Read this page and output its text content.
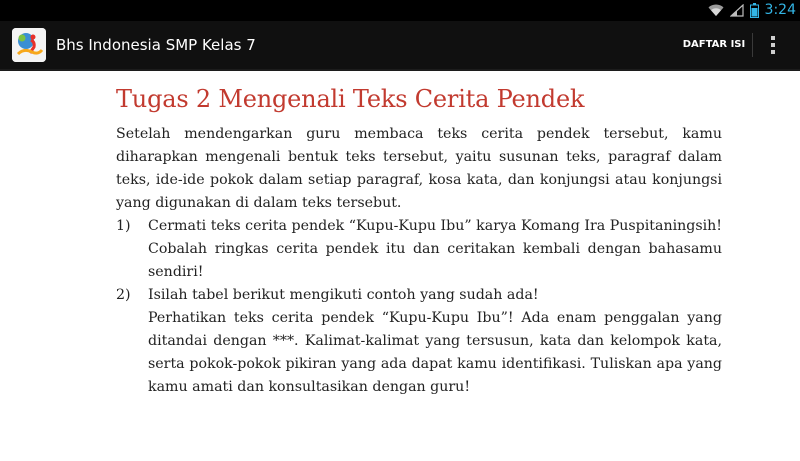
3:24
Bhs Indonesia SMP Kelas 7	DAFTAR ISI
Tugas 2 Mengenali Teks Cerita Pendek

Setelah mendengarkan guru membaca teks cerita pendek tersebut, kamu diharapkan mengenali bentuk teks tersebut, yaitu susunan teks, paragraf dalam teks, ide-ide pokok dalam setiap paragraf, kosa kata, dan konjungsi atau konjungsi yang digunakan di dalam teks tersebut.

1) Cermati teks cerita pendek “Kupu-Kupu Ibu” karya Komang Ira Puspitaningsih! Cobalah ringkas cerita pendek itu dan ceritakan kembali dengan bahasamu sendiri!
2) Isilah tabel berikut mengikuti contoh yang sudah ada!
Perhatikan teks cerita pendek “Kupu-Kupu Ibu”! Ada enam penggalan yang ditandai dengan ***. Kalimat-kalimat yang tersusun, kata dan kelompok kata, serta pokok-pokok pikiran yang ada dapat kamu identifikasi. Tuliskan apa yang kamu amati dan konsultasikan dengan guru!
